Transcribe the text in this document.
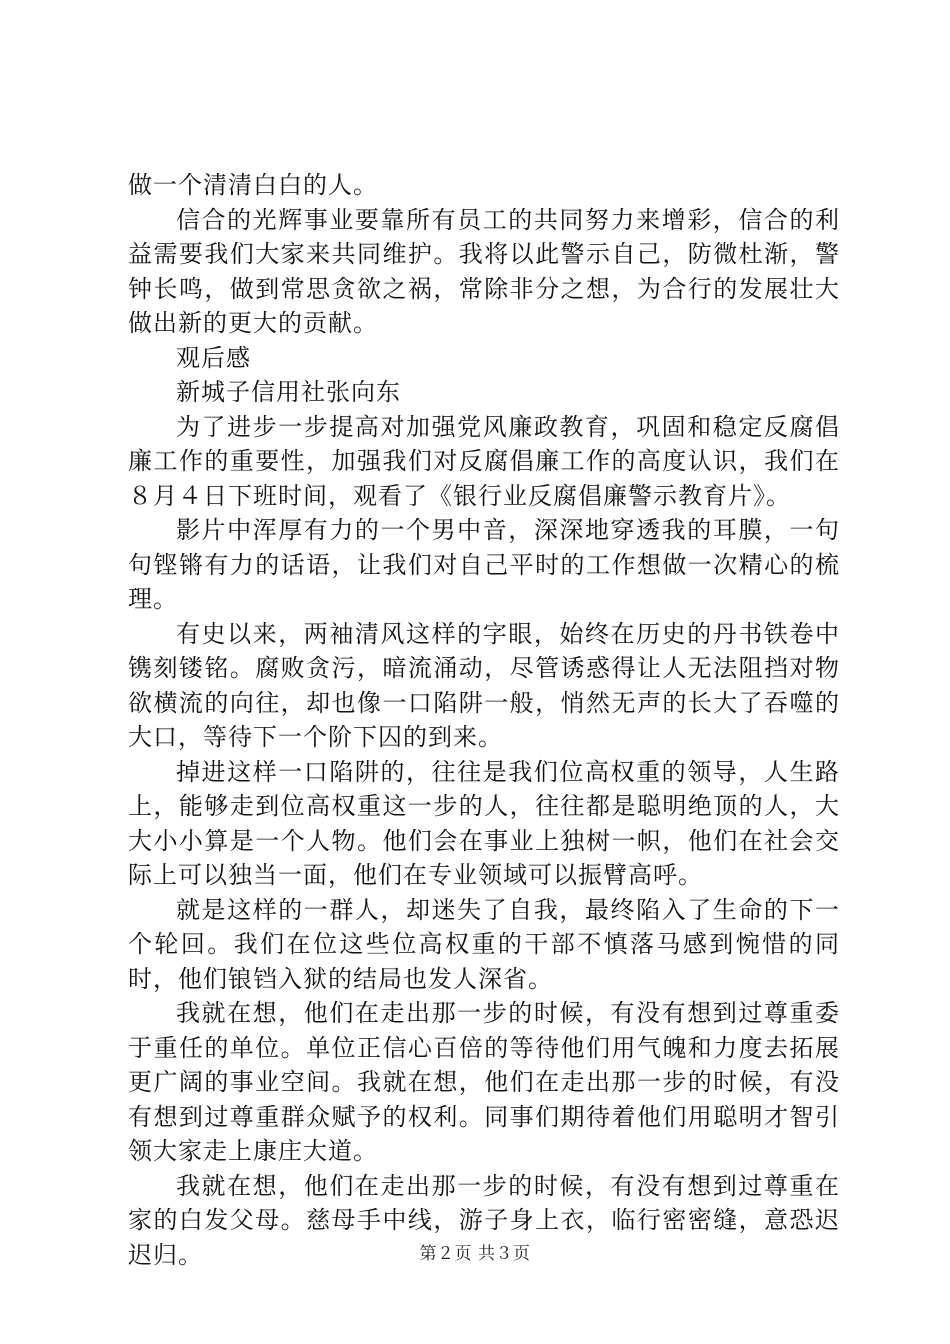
做一个清清白白的人。

信合的光辉事业要靠所有员工的共同努力来增彩，信合的利益需要我们大家来共同维护。我将以此警示自己，防微杜渐，警钟长鸣，做到常思贪欲之祸，常除非分之想，为合行的发展壮大做出新的更大的贡献。

观后感

新城子信用社张向东

为了进步一步提高对加强党风廉政教育，巩固和稳定反腐倡廉工作的重要性，加强我们对反腐倡廉工作的高度认识，我们在８月４日下班时间，观看了《银行业反腐倡廉警示教育片》。

影片中浑厚有力的一个男中音，深深地穿透我的耳膜，一句句铿锵有力的话语，让我们对自己平时的工作想做一次精心的梳理。

有史以来，两袖清风这样的字眼，始终在历史的丹书铁卷中镌刻镂铭。腐败贪污，暗流涌动，尽管诱惑得让人无法阻挡对物欲横流的向往，却也像一口陷阱一般，悄然无声的长大了吞噬的大口，等待下一个阶下囚的到来。

掉进这样一口陷阱的，往往是我们位高权重的领导，人生路上，能够走到位高权重这一步的人，往往都是聪明绝顶的人，大大小小算是一个人物。他们会在事业上独树一帜，他们在社会交际上可以独当一面，他们在专业领域可以振臂高呼。

就是这样的一群人，却迷失了自我，最终陷入了生命的下一个轮回。我们在位这些位高权重的干部不慎落马感到惋惜的同时，他们锒铛入狱的结局也发人深省。

我就在想，他们在走出那一步的时候，有没有想到过尊重委于重任的单位。单位正信心百倍的等待他们用气魄和力度去拓展更广阔的事业空间。我就在想，他们在走出那一步的时候，有没有想到过尊重群众赋予的权利。同事们期待着他们用聪明才智引领大家走上康庄大道。

我就在想，他们在走出那一步的时候，有没有想到过尊重在家的白发父母。慈母手中线，游子身上衣，临行密密缝，意恐迟迟归。	第２页 共３页
